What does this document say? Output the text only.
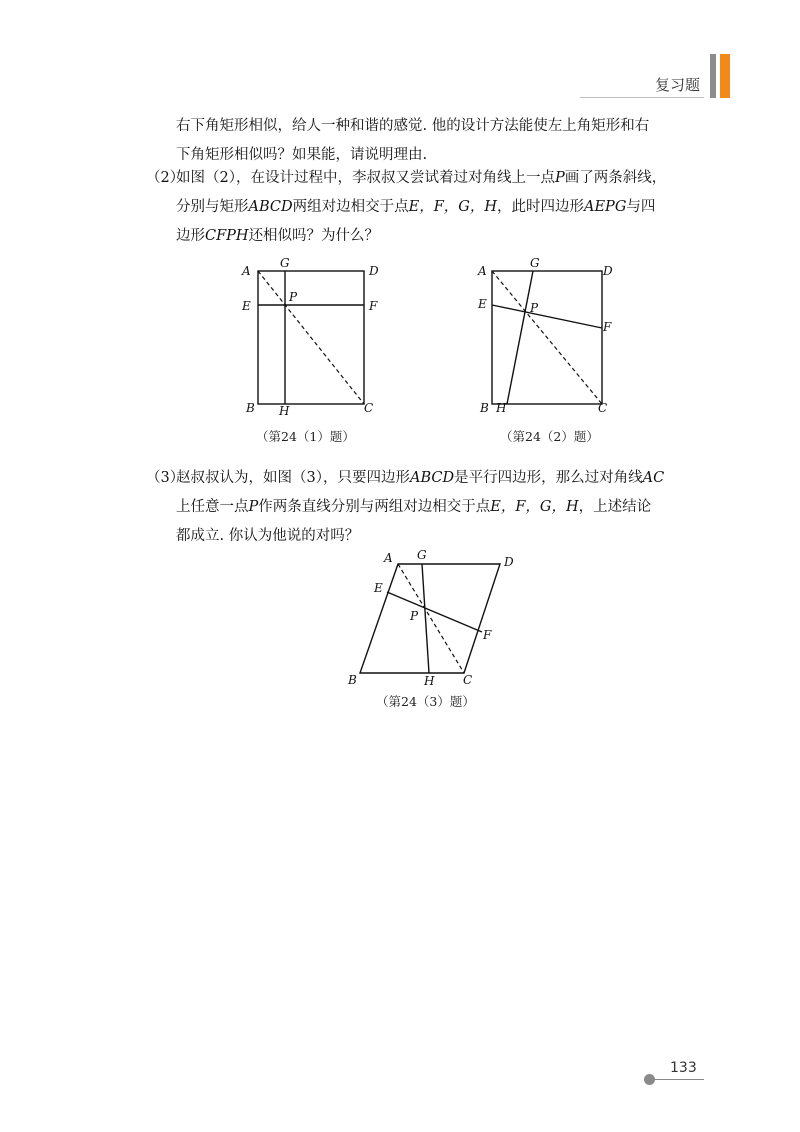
复习题

右下角矩形相似，给人一种和谐的感觉. 他的设计方法能使左上角矩形和右
下角矩形相似吗？如果能，请说明理由.

（2）如图（2），在设计过程中，李叔叔又尝试着过对角线上一点P画了两条斜线，
分别与矩形ABCD两组对边相交于点E，F，G，H，此时四边形AEPG与四
边形CFPH还相似吗？为什么？

A
G
D
E
P
F
B H	C
（第24（1）题）
A
G
D
E	P
F
B H	C
（第24（2）题）

（3）赵叔叔认为，如图（3），只要四边形ABCD是平行四边形，那么过对角线AC
上任意一点P作两条直线分别与两组对边相交于点E，F，G，H，上述结论
都成立. 你认为他说的对吗？

A G	D
E
P
F
B	H C
（第24（3）题）
133
